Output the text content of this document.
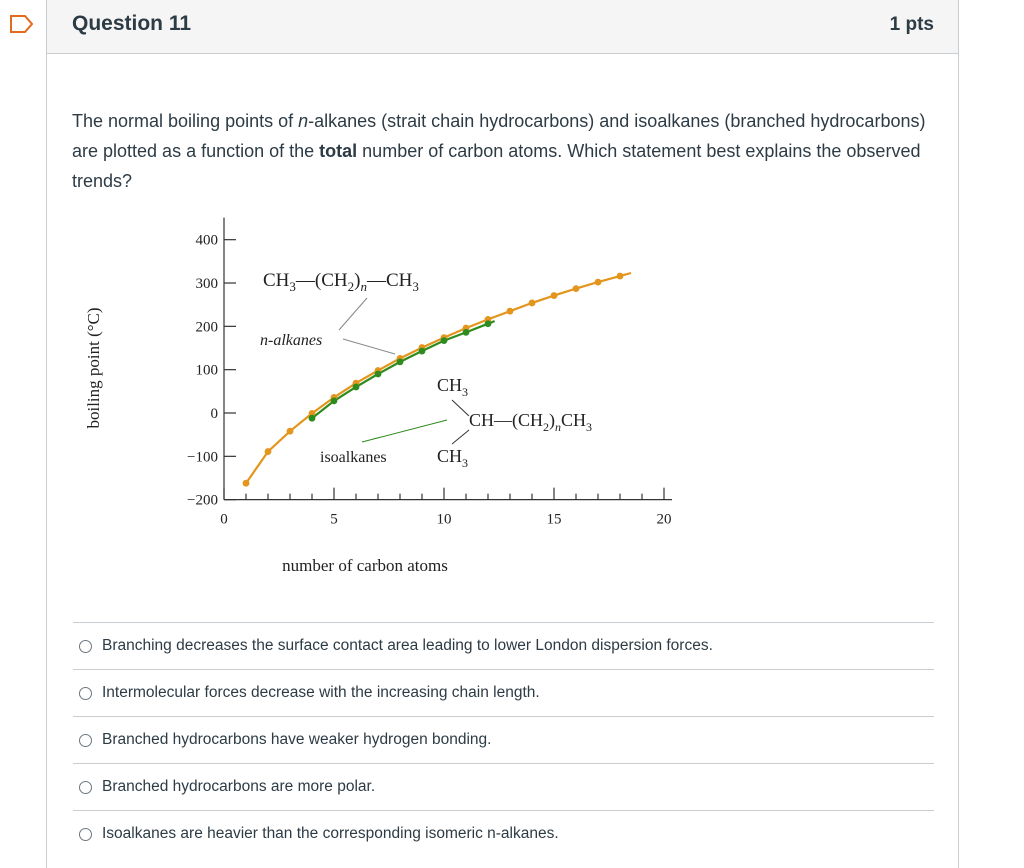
Question 11	1 pts
The normal boiling points of n-alkanes (strait chain hydrocarbons) and isoalkanes (branched hydrocarbons) are plotted as a function of the total number of carbon atoms. Which statement best explains the observed trends?
400
300
200
100
0
−100
−200
0	5	10	15	20
boiling point (°C)
number of carbon atoms
$CH_3—(CH_2)_n—CH_3$
n-alkanes
$CH_3$
$CH—(CH_2)_nCH_3$
$CH_3$
isoalkanes
Branching decreases the surface contact area leading to lower London dispersion forces.
Intermolecular forces decrease with the increasing chain length.
Branched hydrocarbons have weaker hydrogen bonding.
Branched hydrocarbons are more polar.
Isoalkanes are heavier than the corresponding isomeric n-alkanes.
